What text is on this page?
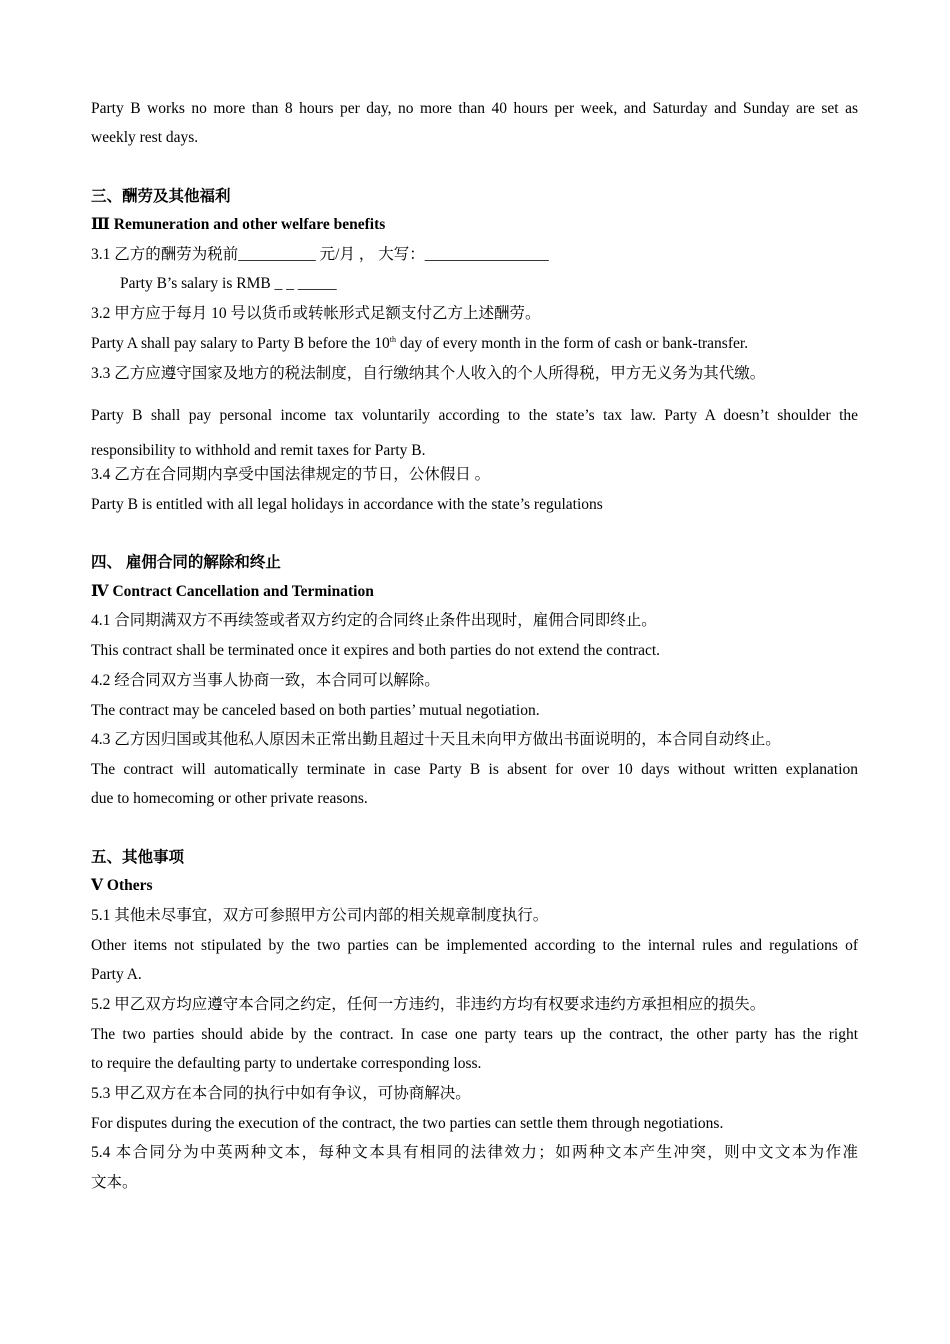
Party B works no more than 8 hours per day, no more than 40 hours per week, and Saturday and Sunday are set as
weekly rest days.
三、酬劳及其他福利
Ⅲ Remuneration and other welfare benefits
3.1 乙方的酬劳为税前__________ 元/月 ， 大写：________________
Party B’s salary is RMB _ _ _____
3.2 甲方应于每月 10 号以货币或转帐形式足额支付乙方上述酬劳。
Party A shall pay salary to Party B before the 10th day of every month in the form of cash or bank-transfer.
3.3 乙方应遵守国家及地方的税法制度，自行缴纳其个人收入的个人所得税，甲方无义务为其代缴。
Party B shall pay personal income tax voluntarily according to the state’s tax law. Party A doesn’t shoulder the
responsibility to withhold and remit taxes for Party B.
3.4 乙方在合同期内享受中国法律规定的节日，公休假日 。
Party B is entitled with all legal holidays in accordance with the state’s regulations
四、 雇佣合同的解除和终止
Ⅳ Contract Cancellation and Termination
4.1 合同期满双方不再续签或者双方约定的合同终止条件出现时，雇佣合同即终止。
This contract shall be terminated once it expires and both parties do not extend the contract.
4.2 经合同双方当事人协商一致，本合同可以解除。
The contract may be canceled based on both parties’ mutual negotiation.
4.3 乙方因归国或其他私人原因未正常出勤且超过十天且未向甲方做出书面说明的，本合同自动终止。
The contract will automatically terminate in case Party B is absent for over 10 days without written explanation
due to homecoming or other private reasons.
五、其他事项
Ⅴ Others
5.1 其他未尽事宜，双方可参照甲方公司内部的相关规章制度执行。
Other items not stipulated by the two parties can be implemented according to the internal rules and regulations of
Party A.
5.2 甲乙双方均应遵守本合同之约定，任何一方违约，非违约方均有权要求违约方承担相应的损失。
The two parties should abide by the contract. In case one party tears up the contract, the other party has the right
to require the defaulting party to undertake corresponding loss.
5.3 甲乙双方在本合同的执行中如有争议，可协商解决。
For disputes during the execution of the contract, the two parties can settle them through negotiations.
5.4 本合同分为中英两种文本，每种文本具有相同的法律效力；如两种文本产生冲突，则中文文本为作准
文本。
